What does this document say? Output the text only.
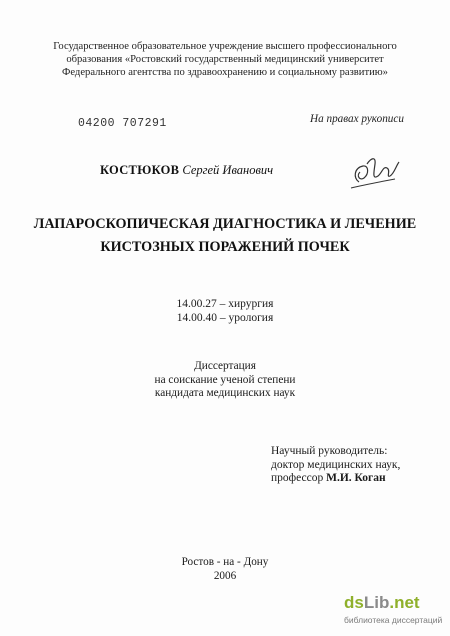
Государственное образовательное учреждение высшего профессионального
образования «Ростовский государственный медицинский университет
Федерального агентства по здравоохранению и социальному развитию»
04200 707291	На правах рукописи
КОСТЮКОВ Сергей Иванович
ЛАПАРОСКОПИЧЕСКАЯ ДИАГНОСТИКА И ЛЕЧЕНИЕ
КИСТОЗНЫХ ПОРАЖЕНИЙ ПОЧЕК
14.00.27 – хирургия
14.00.40 – урология
Диссертация
на соискание ученой степени
кандидата медицинских наук
Научный руководитель:
доктор медицинских наук,
профессор М.И. Коган
Ростов - на - Дону
2006
dsLib.net
библиотека диссертаций
